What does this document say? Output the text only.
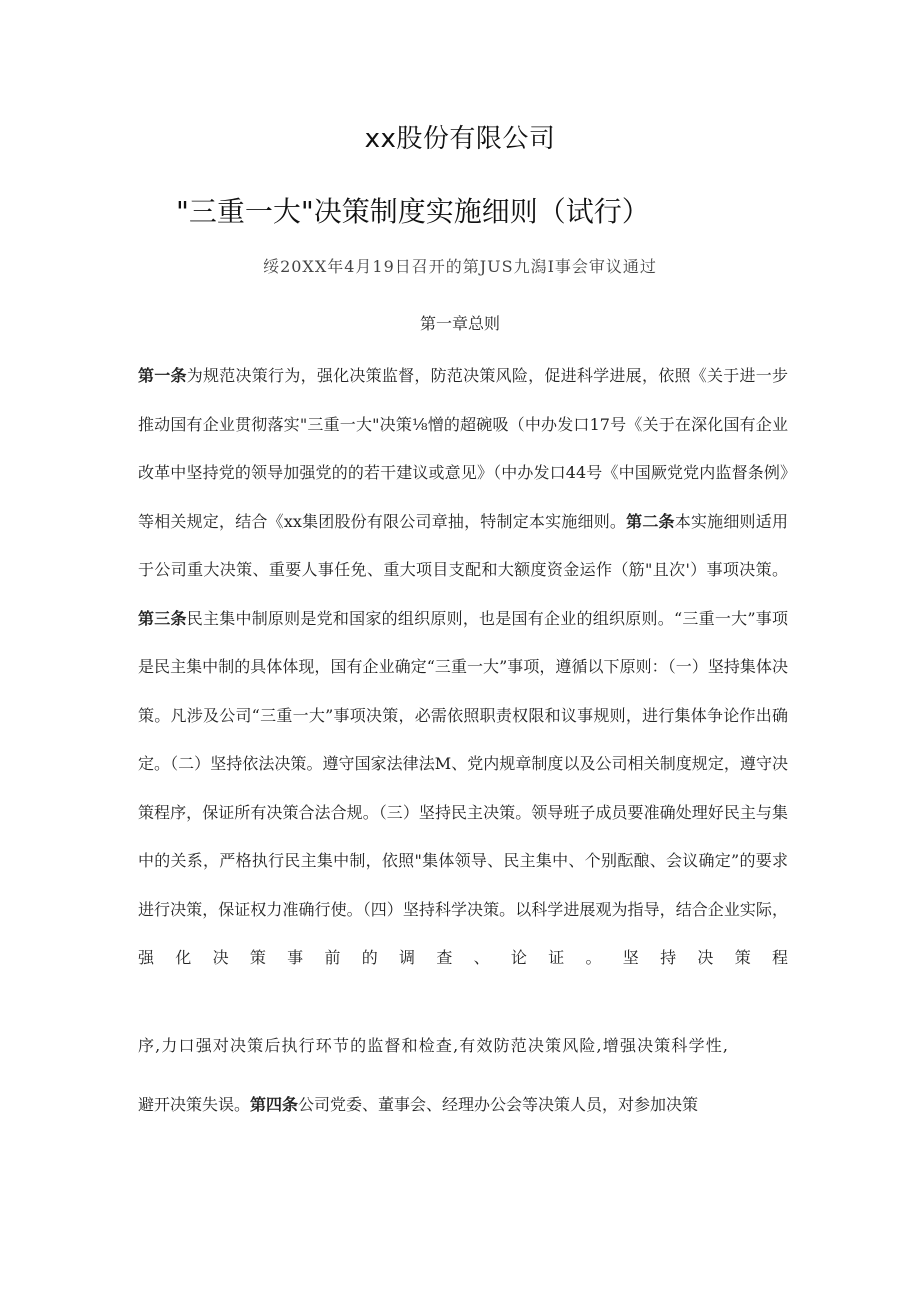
xx股份有限公司
"三重一大"决策制度实施细则（试行）
绥20XX年4月19日召开的第JUS九潟I事会审议通过
第一章总则
第一条为规范决策行为，强化决策监督，防范决策风险，促进科学进展，依照《关于进一步推动国有企业贯彻落实"三重一大"决策⅛憎的超碗吸（中办发口17号《关于在深化国有企业改革中坚持党的领导加强党的的若干建议或意见》（中办发口44号《中国厥党党内监督条例》等相关规定，结合《xx集团股份有限公司章抽，特制定本实施细则。第二条本实施细则适用于公司重大决策、重要人事任免、重大项目支配和大额度资金运作（筋"且次'）事项决策。第三条民主集中制原则是党和国家的组织原则，也是国有企业的组织原则。“三重一大”事项是民主集中制的具体体现，国有企业确定“三重一大”事项，遵循以下原则：（一）坚持集体决策。凡涉及公司“三重一大”事项决策，必需依照职责权限和议事规则，进行集体争论作出确定。（二）坚持依法决策。遵守国家法律法M、党内规章制度以及公司相关制度规定，遵守决策程序，保证所有决策合法合规。（三）坚持民主决策。领导班子成员要准确处理好民主与集中的关系，严格执行民主集中制，依照"集体领导、民主集中、个别酝酿、会议确定”的要求进行决策，保证权力准确行使。（四）坚持科学决策。以科学进展观为指导，结合企业实际，强化决策事前的调查、论证。坚持决策程
序,力口强对决策后执行环节的监督和检查,有效防范决策风险,增强决策科学性,
避开决策失误。第四条公司党委、董事会、经理办公会等决策人员，对参加决策
